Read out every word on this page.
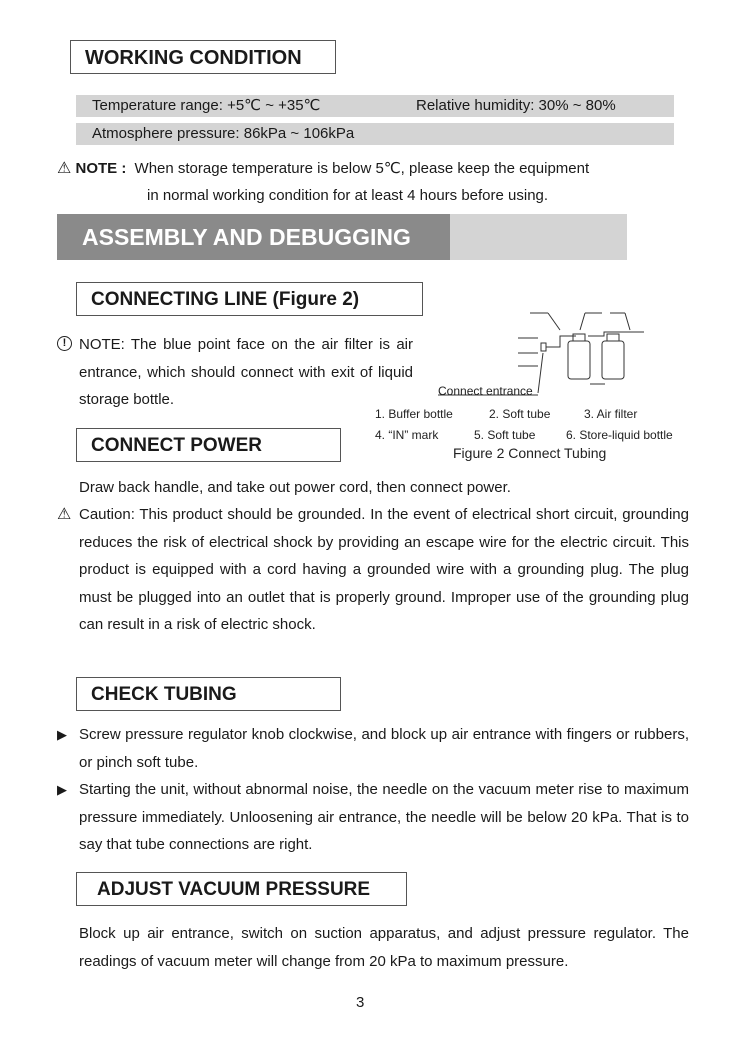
WORKING CONDITION
Temperature range: +5℃ ~ +35℃	Relative humidity: 30% ~ 80%
Atmosphere pressure: 86kPa ~ 106kPa
⚠ NOTE : When storage temperature is below 5℃, please keep the equipment
in normal working condition for at least 4 hours before using.
ASSEMBLY AND DEBUGGING
CONNECTING LINE (Figure 2)
! NOTE: The blue point face on the air filter is air entrance, which should connect with exit of liquid storage bottle.	Connect entrance
1. Buffer bottle	2. Soft tube	3. Air filter
4. “IN” mark	5. Soft tube	6. Store-liquid bottle
Figure 2 Connect Tubing
CONNECT POWER
Draw back handle, and take out power cord, then connect power.
⚠ Caution: This product should be grounded. In the event of electrical short circuit, grounding reduces the risk of electrical shock by providing an escape wire for the electric circuit. This product is equipped with a cord having a grounded wire with a grounding plug. The plug must be plugged into an outlet that is properly ground. Improper use of the grounding plug can result in a risk of electric shock.
CHECK TUBING
▶ Screw pressure regulator knob clockwise, and block up air entrance with fingers or rubbers, or pinch soft tube.
▶ Starting the unit, without abnormal noise, the needle on the vacuum meter rise to maximum pressure immediately. Unloosening air entrance, the needle will be below 20 kPa. That is to say that tube connections are right.
ADJUST VACUUM PRESSURE
Block up air entrance, switch on suction apparatus, and adjust pressure regulator. The readings of vacuum meter will change from 20 kPa to maximum pressure.
3
